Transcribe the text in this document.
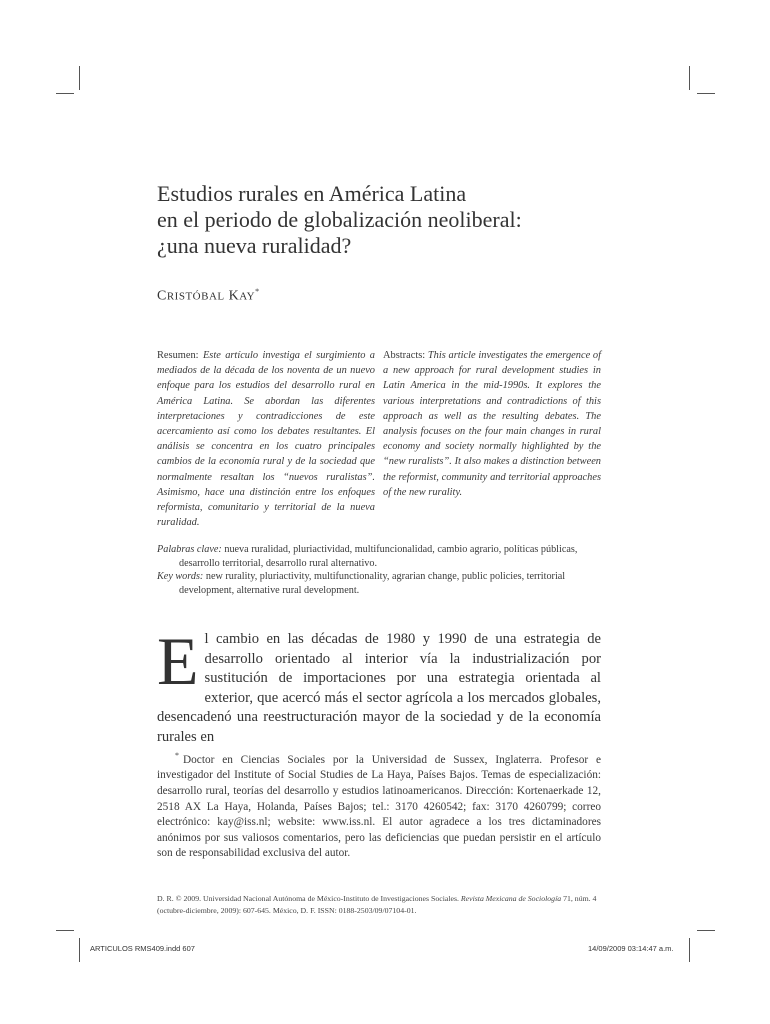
Estudios rurales en América Latina
en el periodo de globalización neoliberal:
¿una nueva ruralidad?
CRISTÓBAL KAY*
Resumen: Este artículo investiga el surgimiento a mediados de la década de los noventa de un nuevo enfoque para los estudios del desarrollo rural en América Latina. Se abordan las diferentes interpretaciones y contradicciones de este acercamiento así como los debates resultantes. El análisis se concentra en los cuatro principales cambios de la economía rural y de la sociedad que normalmente resaltan los “nuevos ruralistas”. Asimismo, hace una distinción entre los enfoques reformista, comunitario y territorial de la nueva ruralidad.
Abstracts: This article investigates the emergence of a new approach for rural development studies in Latin America in the mid-1990s. It explores the various interpretations and contradictions of this approach as well as the resulting debates. The analysis focuses on the four main changes in rural economy and society normally highlighted by the “new ruralists”. It also makes a distinction between the reformist, community and territorial approaches of the new rurality.
Palabras clave: nueva ruralidad, pluriactividad, multifuncionalidad, cambio agrario, políticas públicas, desarrollo territorial, desarrollo rural alternativo.
Key words: new rurality, pluriactivity, multifunctionality, agrarian change, public policies, territorial development, alternative rural development.
El cambio en las décadas de 1980 y 1990 de una estrategia de desarrollo orientado al interior vía la industrialización por sustitución de importaciones por una estrategia orientada al exterior, que acercó más el sector agrícola a los mercados globales, desencadenó una reestructuración mayor de la sociedad y de la economía rurales en
* Doctor en Ciencias Sociales por la Universidad de Sussex, Inglaterra. Profesor e investigador del Institute of Social Studies de La Haya, Países Bajos. Temas de especialización: desarrollo rural, teorías del desarrollo y estudios latinoamericanos. Dirección: Kortenaerkade 12, 2518 AX La Haya, Holanda, Países Bajos; tel.: 3170 4260542; fax: 3170 4260799; correo electrónico: kay@iss.nl; website: www.iss.nl. El autor agradece a los tres dictaminadores anónimos por sus valiosos comentarios, pero las deficiencias que puedan persistir en el artículo son de responsabilidad exclusiva del autor.
D. R. © 2009. Universidad Nacional Autónoma de México-Instituto de Investigaciones Sociales. Revista Mexicana de Sociología 71, núm. 4 (octubre-diciembre, 2009): 607-645. México, D. F. ISSN: 0188-2503/09/07104-01.
ARTICULOS RMS409.indd 607	14/09/2009 03:14:47 a.m.
